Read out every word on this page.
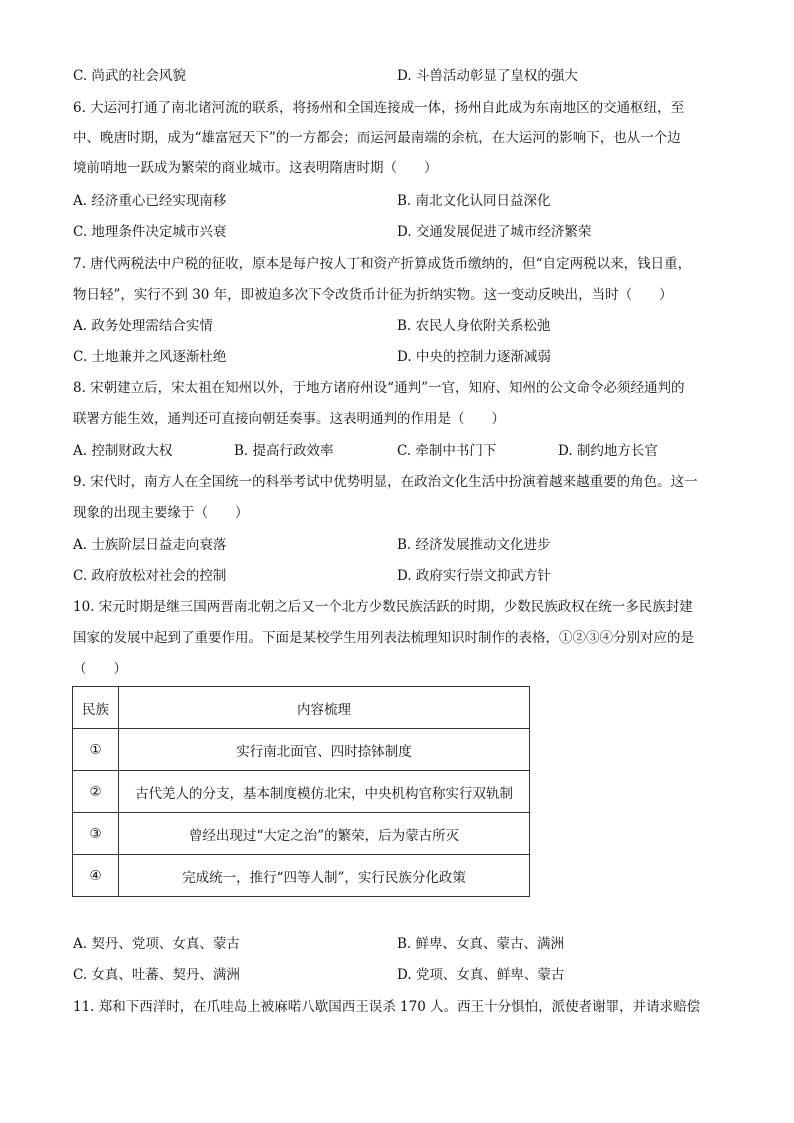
C. 尚武的社会风貌	D. 斗兽活动彰显了皇权的强大
6. 大运河打通了南北诸河流的联系，将扬州和全国连接成一体，扬州自此成为东南地区的交通枢纽，至
中、晚唐时期，成为“雄富冠天下”的一方都会；而运河最南端的余杭，在大运河的影响下，也从一个边
境前哨地一跃成为繁荣的商业城市。这表明隋唐时期（　　）
A. 经济重心已经实现南移	B. 南北文化认同日益深化
C. 地理条件决定城市兴衰	D. 交通发展促进了城市经济繁荣
7. 唐代两税法中户税的征收，原本是每户按人丁和资产折算成货币缴纳的，但“自定两税以来，钱日重，
物日轻”，实行不到 30 年，即被迫多次下令改货币计征为折纳实物。这一变动反映出，当时（　　）
A. 政务处理需结合实情	B. 农民人身依附关系松弛
C. 土地兼并之风逐渐杜绝	D. 中央的控制力逐渐减弱
8. 宋朝建立后，宋太祖在知州以外，于地方诸府州设“通判”一官，知府、知州的公文命令必须经通判的
联署方能生效，通判还可直接向朝廷奏事。这表明通判的作用是（　　）
A. 控制财政大权	B. 提高行政效率	C. 牵制中书门下	D. 制约地方长官
9. 宋代时，南方人在全国统一的科举考试中优势明显，在政治文化生活中扮演着越来越重要的角色。这一
现象的出现主要缘于（　　）
A. 士族阶层日益走向衰落	B. 经济发展推动文化进步
C. 政府放松对社会的控制	D. 政府实行崇文抑武方针
10. 宋元时期是继三国两晋南北朝之后又一个北方少数民族活跃的时期，少数民族政权在统一多民族封建
国家的发展中起到了重要作用。下面是某校学生用列表法梳理知识时制作的表格，①②③④分别对应的是
（　　）
民族	内容梳理
①	实行南北面官、四时捺钵制度
②	古代羌人的分支，基本制度模仿北宋，中央机构官称实行双轨制
③	曾经出现过“大定之治”的繁荣，后为蒙古所灭
④	完成统一，推行“四等人制”，实行民族分化政策
A. 契丹、党项、女真、蒙古	B. 鲜卑、女真、蒙古、满洲
C. 女真、吐蕃、契丹、满洲	D. 党项、女真、鲜卑、蒙古
11. 郑和下西洋时，在爪哇岛上被麻喏八歇国西王误杀 170 人。西王十分惧怕，派使者谢罪，并请求赔偿
